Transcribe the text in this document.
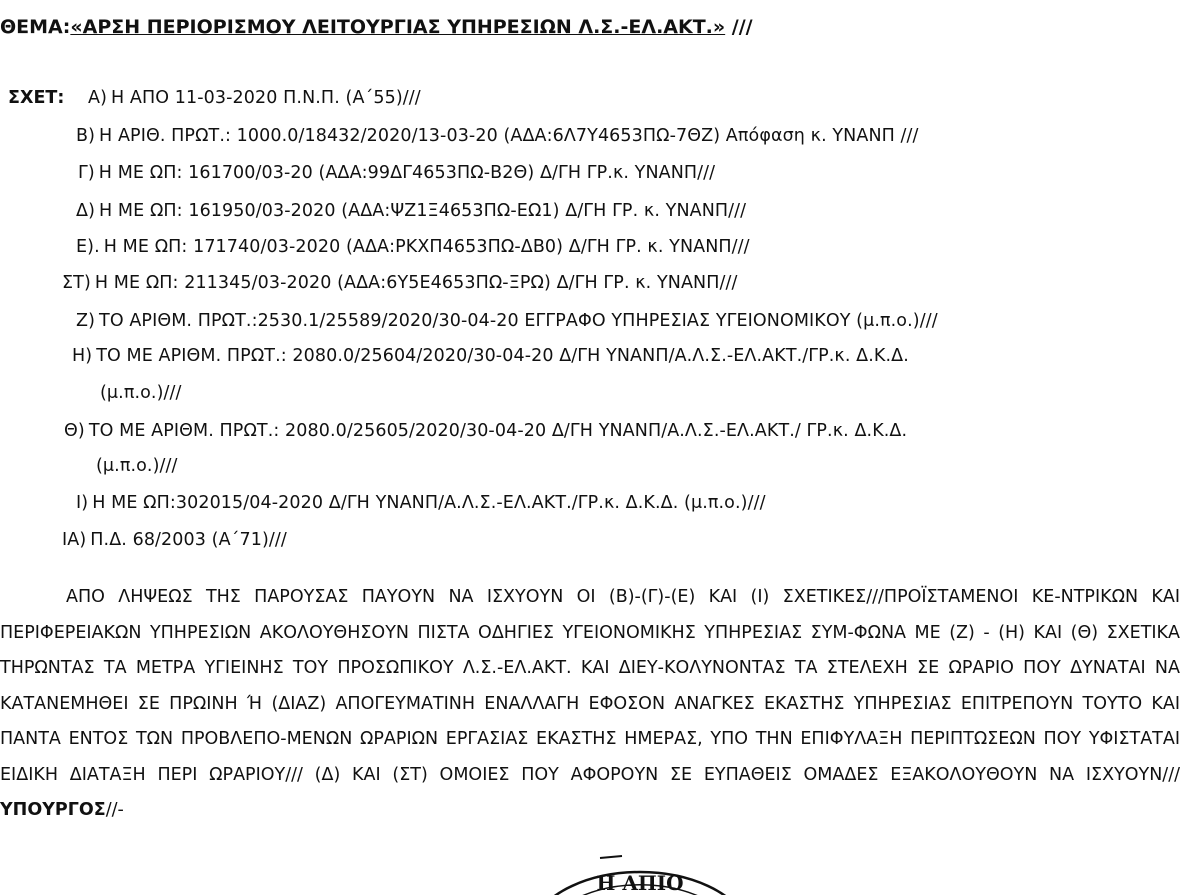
ΘΕΜΑ:«ΑΡΣΗ ΠΕΡΙΟΡΙΣΜΟΥ ΛΕΙΤΟΥΡΓΙΑΣ ΥΠΗΡΕΣΙΩΝ Λ.Σ.-ΕΛ.ΑΚΤ.» ///
ΣΧΕΤ: Α) Η ΑΠΟ 11-03-2020 Π.Ν.Π. (Α΄55)///
Β) Η ΑΡΙΘ. ΠΡΩΤ.: 1000.0/18432/2020/13-03-20 (ΑΔΑ:6Λ7Υ4653ΠΩ-7ΘΖ) Απόφαση κ. ΥΝΑΝΠ ///
Γ) Η ΜΕ ΩΠ: 161700/03-20 (ΑΔΑ:99ΔΓ4653ΠΩ-Β2Θ) Δ/ΓΗ ΓΡ.κ. ΥΝΑΝΠ///
Δ) Η ΜΕ ΩΠ: 161950/03-2020 (ΑΔΑ:ΨΖ1Ξ4653ΠΩ-ΕΩ1) Δ/ΓΗ ΓΡ. κ. ΥΝΑΝΠ///
Ε). Η ΜΕ ΩΠ: 171740/03-2020 (ΑΔΑ:ΡΚΧΠ4653ΠΩ-ΔΒ0) Δ/ΓΗ ΓΡ. κ. ΥΝΑΝΠ///
ΣΤ) Η ΜΕ ΩΠ: 211345/03-2020 (ΑΔΑ:6Υ5Ε4653ΠΩ-ΞΡΩ) Δ/ΓΗ ΓΡ. κ. ΥΝΑΝΠ///
Ζ) ΤΟ ΑΡΙΘΜ. ΠΡΩΤ.:2530.1/25589/2020/30-04-20 ΕΓΓΡΑΦΟ ΥΠΗΡΕΣΙΑΣ ΥΓΕΙΟΝΟΜΙΚΟΥ (μ.π.ο.)///
Η) ΤΟ ΜΕ ΑΡΙΘΜ. ΠΡΩΤ.: 2080.0/25604/2020/30-04-20 Δ/ΓΗ ΥΝΑΝΠ/Α.Λ.Σ.-ΕΛ.ΑΚΤ./ΓΡ.κ. Δ.Κ.Δ.
(μ.π.ο.)///
Θ) ΤΟ ΜΕ ΑΡΙΘΜ. ΠΡΩΤ.: 2080.0/25605/2020/30-04-20 Δ/ΓΗ ΥΝΑΝΠ/Α.Λ.Σ.-ΕΛ.ΑΚΤ./ ΓΡ.κ. Δ.Κ.Δ.
(μ.π.ο.)///
Ι) Η ΜΕ ΩΠ:302015/04-2020 Δ/ΓΗ ΥΝΑΝΠ/Α.Λ.Σ.-ΕΛ.ΑΚΤ./ΓΡ.κ. Δ.Κ.Δ. (μ.π.ο.)///
ΙΑ) Π.Δ. 68/2003 (Α΄71)///

ΑΠΟ ΛΗΨΕΩΣ ΤΗΣ ΠΑΡΟΥΣΑΣ ΠΑΥΟΥΝ ΝΑ ΙΣΧΥΟΥΝ ΟΙ (Β)-(Γ)-(Ε) ΚΑΙ (Ι) ΣΧΕΤΙΚΕΣ///ΠΡΟΪΣΤΑΜΕΝΟΙ ΚΕ-ΝΤΡΙΚΩΝ ΚΑΙ ΠΕΡΙΦΕΡΕΙΑΚΩΝ ΥΠΗΡΕΣΙΩΝ ΑΚΟΛΟΥΘΗΣΟΥΝ ΠΙΣΤΑ ΟΔΗΓΙΕΣ ΥΓΕΙΟΝΟΜΙΚΗΣ ΥΠΗΡΕΣΙΑΣ ΣΥΜ-ΦΩΝΑ ΜΕ (Ζ) - (Η) ΚΑΙ (Θ) ΣΧΕΤΙΚΑ ΤΗΡΩΝΤΑΣ ΤΑ ΜΕΤΡΑ ΥΓΙΕΙΝΗΣ ΤΟΥ ΠΡΟΣΩΠΙΚΟΥ Λ.Σ.-ΕΛ.ΑΚΤ. ΚΑΙ ΔΙΕΥ-ΚΟΛΥΝΟΝΤΑΣ ΤΑ ΣΤΕΛΕΧΗ ΣΕ ΩΡΑΡΙΟ ΠΟΥ ΔΥΝΑΤΑΙ ΝΑ ΚΑΤΑΝΕΜΗΘΕΙ ΣΕ ΠΡΩΙΝΗ Ή (ΔΙΑΖ) ΑΠΟΓΕΥΜΑΤΙΝΗ ΕΝΑΛΛΑΓΗ ΕΦΟΣΟΝ ΑΝΑΓΚΕΣ ΕΚΑΣΤΗΣ ΥΠΗΡΕΣΙΑΣ ΕΠΙΤΡΕΠΟΥΝ ΤΟΥΤΟ ΚΑΙ ΠΑΝΤΑ ΕΝΤΟΣ ΤΩΝ ΠΡΟΒΛΕΠΟ-ΜΕΝΩΝ ΩΡΑΡΙΩΝ ΕΡΓΑΣΙΑΣ ΕΚΑΣΤΗΣ ΗΜΕΡΑΣ, ΥΠΟ ΤΗΝ ΕΠΙΦΥΛΑΞΗ ΠΕΡΙΠΤΩΣΕΩΝ ΠΟΥ ΥΦΙΣΤΑΤΑΙ ΕΙΔΙΚΗ ΔΙΑΤΑΞΗ ΠΕΡΙ ΩΡΑΡΙΟΥ/// (Δ) ΚΑΙ (ΣΤ) ΟΜΟΙΕΣ ΠΟΥ ΑΦΟΡΟΥΝ ΣΕ ΕΥΠΑΘΕΙΣ ΟΜΑΔΕΣ ΕΞΑΚΟΛΟΥΘΟΥΝ ΝΑ ΙΣΧΥΟΥΝ/// ΥΠΟΥΡΓΟΣ//-

Η ΑΠΙΟ
